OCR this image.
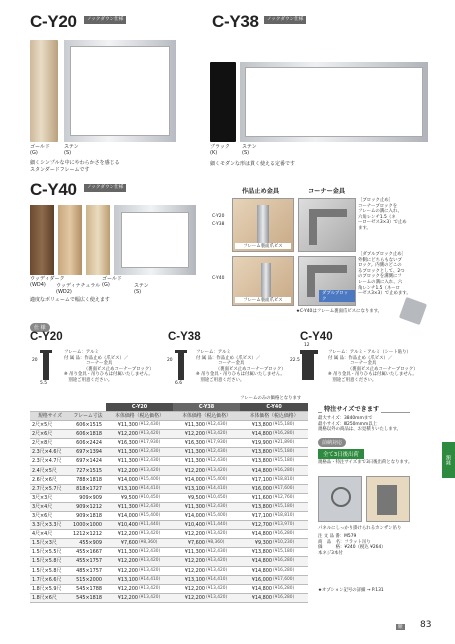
C-Y20	ノックダウン仕様
ゴールド
(G)
ステン
(S)
細くシンプルな中にやわらかさを感じる
スタンダードフレームです
C-Y38	ノックダウン仕様
ブラック
(K)
ステン
(S)
細くモダンな形は貫く使える定番です
C-Y40	ノックダウン仕様
ウッディダーク
(WD4)	ウッディナチュラル
(WD2)
ゴールド
(G)	ステン
(S)
適度なボリュームで幅広く使えます
作品止め金具	コーナー金具
C-Y20
C-Y38
フレーム裏面爪ビス
［ブロック止め］
コーナーブロックを
フレームの溝に入れ、
六角レンチ1.5（ネ
ーローゼス3×3）で止め
ます。
C-Y40
フレーム裏面爪ビス
ダブルブロック
［ダブルブロック止め］
外側にどちらもないブ
ロック。内側のどこの
るブロックとして、2つ
のブロックを溝側にフ
レームの溝に入れ、六
角レンチ1.5（ネーロ
ーゼス3×3）で止めます。
★C-Y40はフレーム裏面爪ビスになります。
仕 様
C-Y20	C-Y38	C-Y40
20
5.5
フレーム：アルミ
付 属 品：作品止め（爪ビス）／
　　　　　コーナー金具
　　　　　（裏面ビス止めコーナーブロック）
※ 吊り金具・吊りひもは付属いたしません。
　別途ご用意ください。
20
6.6
フレーム：アルミ
付 属 品：作品止め（爪ビス）／
　　　　　コーナー金具
　　　　　（裏面ビス止めコーナーブロック）
※ 吊り金具・吊りひもは付属いたしません。
　別途ご用意ください。
12
22.5
フレーム：アルミ・アルミ（シート貼り）
付 属 品：作品止め（爪ビス）／
　　　　　コーナー金具
　　　　　（裏面ビス止めコーナーブロック）
※ 吊り金具・吊りひもは付属いたしません。
　別途ご用意ください。
フレームのみの価格となります
		C-Y20		C-Y38		C-Y40	
規格サイズ	フレーム寸法	本体価格（税込価格）		本体価格（税込価格）		本体価格（税込価格）	
2尺×5尺	606×1515	¥11,300	(¥12,430)	¥11,300	(¥12,430)	¥13,800	(¥15,180)
2尺×6尺	606×1818	¥12,200	(¥13,420)	¥12,200	(¥13,420)	¥14,800	(¥16,280)
2尺×8尺	606×2424	¥16,300	(¥17,930)	¥16,300	(¥17,930)	¥19,900	(¥21,890)
2.3尺×4.6尺	697×1394	¥11,300	(¥12,430)	¥11,300	(¥12,430)	¥13,800	(¥15,180)
2.3尺×4.7尺	697×1424	¥11,300	(¥12,430)	¥11,300	(¥12,430)	¥13,800	(¥15,180)
2.4尺×5尺	727×1515	¥12,200	(¥13,420)	¥12,200	(¥13,420)	¥14,800	(¥16,280)
2.6尺×6尺	788×1818	¥14,000	(¥15,400)	¥14,000	(¥15,400)	¥17,100	(¥18,810)
2.7尺×5.7尺	818×1727	¥13,100	(¥14,410)	¥13,100	(¥14,410)	¥16,000	(¥17,600)
3尺×3尺	909×909	¥9,500	(¥10,450)	¥9,500	(¥10,450)	¥11,600	(¥12,760)
3尺×4尺	909×1212	¥11,300	(¥12,430)	¥11,300	(¥12,430)	¥13,800	(¥15,180)
3尺×6尺	909×1818	¥14,000	(¥15,400)	¥14,000	(¥15,400)	¥17,100	(¥18,810)
3.3尺×3.3尺	1000×1000	¥10,400	(¥11,440)	¥10,400	(¥11,440)	¥12,700	(¥13,970)
4尺×4尺	1212×1212	¥12,200	(¥13,420)	¥12,200	(¥13,420)	¥14,800	(¥16,280)
1.5尺×3尺	455×909	¥7,600	(¥8,360)	¥7,600	(¥8,360)	¥9,300	(¥10,230)
1.5尺×5.5尺	455×1667	¥11,300	(¥12,430)	¥11,300	(¥12,430)	¥13,800	(¥15,180)
1.5尺×5.8尺	455×1757	¥12,200	(¥13,420)	¥12,200	(¥13,420)	¥14,800	(¥16,280)
1.5尺×5.8尺	485×1757	¥12,200	(¥13,420)	¥12,200	(¥13,420)	¥14,800	(¥16,280)
1.7尺×6.6尺	515×2000	¥13,100	(¥14,410)	¥13,100	(¥14,410)	¥16,000	(¥17,600)
1.8尺×5.9尺	545×1788	¥12,200	(¥13,420)	¥12,200	(¥13,420)	¥14,800	(¥16,280)
1.8尺×6尺	545×1818	¥12,200	(¥13,420)	¥12,200	(¥13,420)	¥14,800	(¥16,280)
特注サイズできます
最大サイズ：3840mmまで
最小サイズ：Ⅲ250mmm以上
規格以外の商品は、お見積りいたします。
前納対応
全て3日後出荷
規格品・特注サイズまで3日後出荷となります。
パネルにしっかり掛けられるカンザン吊り
注 文 品 番：M579
商　品　名：フラット吊り
価　　　格：¥240（税込 ¥264）
本ネジ3本付
★オプション記号の詳細 → P.131
額縁
額 83
